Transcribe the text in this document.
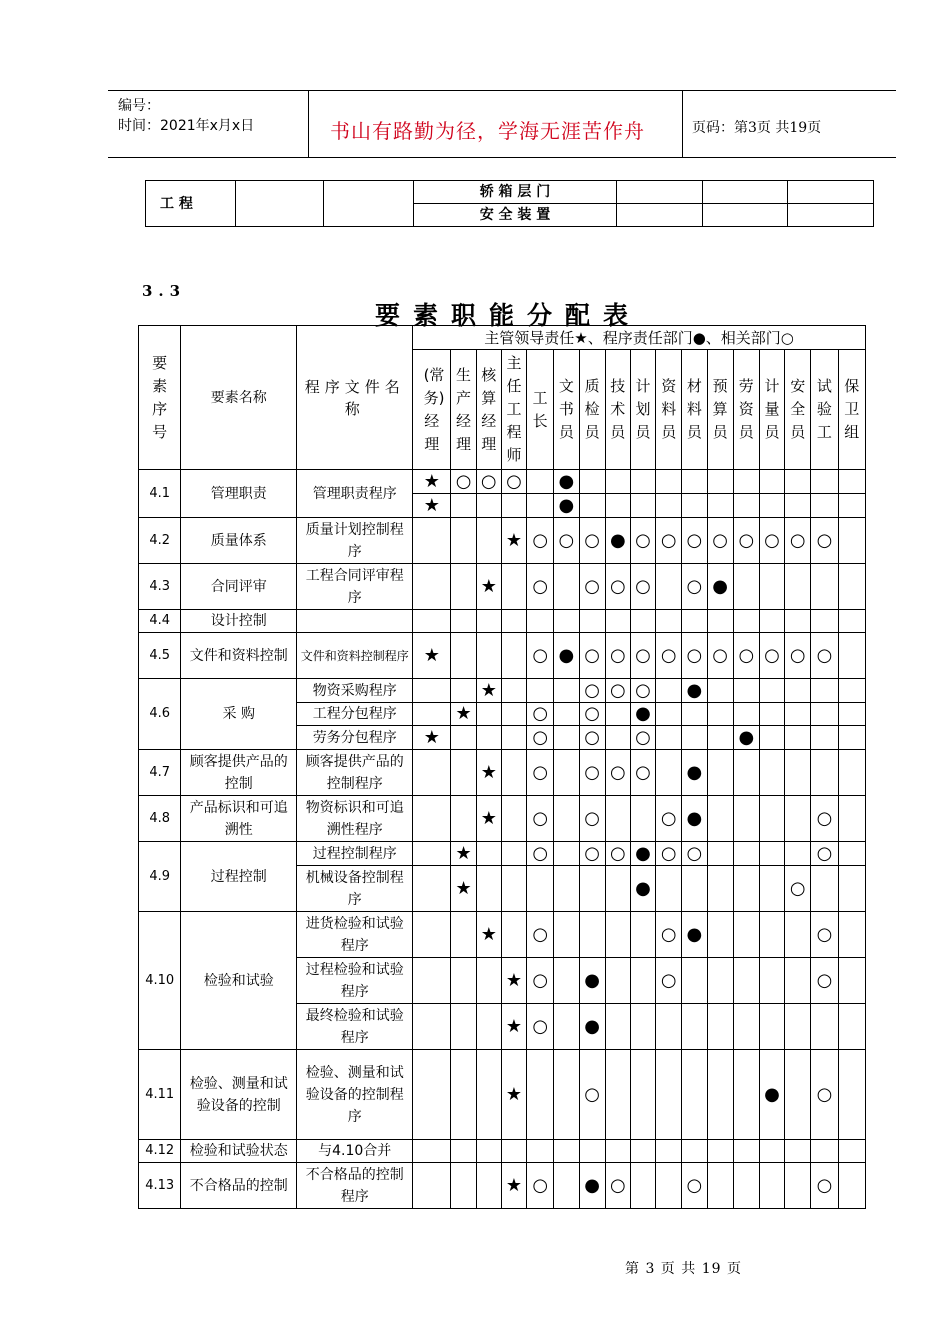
编号：
时间：2021年x月x日	书山有路勤为径，学海无涯苦作舟	页码：第3页 共19页
工 程			轿 箱 层 门			
			安 全 装 置			
3.3
要素职能分配表
要素序号	要素名称	程序文件名称	主管领导责任★、程序责任部门●、相关部门○																
			(常务)经理	生产经理	核算经理	主任工程师	工长	文书员	质检员	技术员	计划员	资料员	材料员	预算员	劳资员	计量员	安全员	试验工	保卫组
4.1	管理职责	管理职责程序	★	○	○	○		●											
			★					●											
4.2	质量体系	质量计划控制程序				★	○	○	○	●	○	○	○	○	○	○	○	○	
4.3	合同评审	工程合同评审程序			★		○		○	○	○		○	●					
4.4	设计控制																		
4.5	文件和资料控制	文件和资料控制程序	★				○	●	○	○	○	○	○	○	○	○	○	○	
4.6	采 购	物资采购程序			★				○	○	○		●						
		工程分包程序		★			○		○		●								
		劳务分包程序	★				○		○		○				●				
4.7	顾客提供产品的控制	顾客提供产品的控制程序			★		○		○	○	○		●						
4.8	产品标识和可追溯性	物资标识和可追溯性程序			★		○		○			○	●					○	
4.9	过程控制	过程控制程序		★			○		○	○	●	○	○					○	
		机械设备控制程序		★							●						○		
4.10	检验和试验	进货检验和试验程序			★		○					○	●					○	
		过程检验和试验程序				★	○		●			○						○	
		最终检验和试验程序				★	○		●										
4.11	检验、测量和试验设备的控制	检验、测量和试验设备的控制程序				★			○							●		○	
4.12	检验和试验状态	与4.10合并																	
4.13	不合格品的控制	不合格品的控制程序				★	○		●	○			○					○	
第 3 页 共 19 页
